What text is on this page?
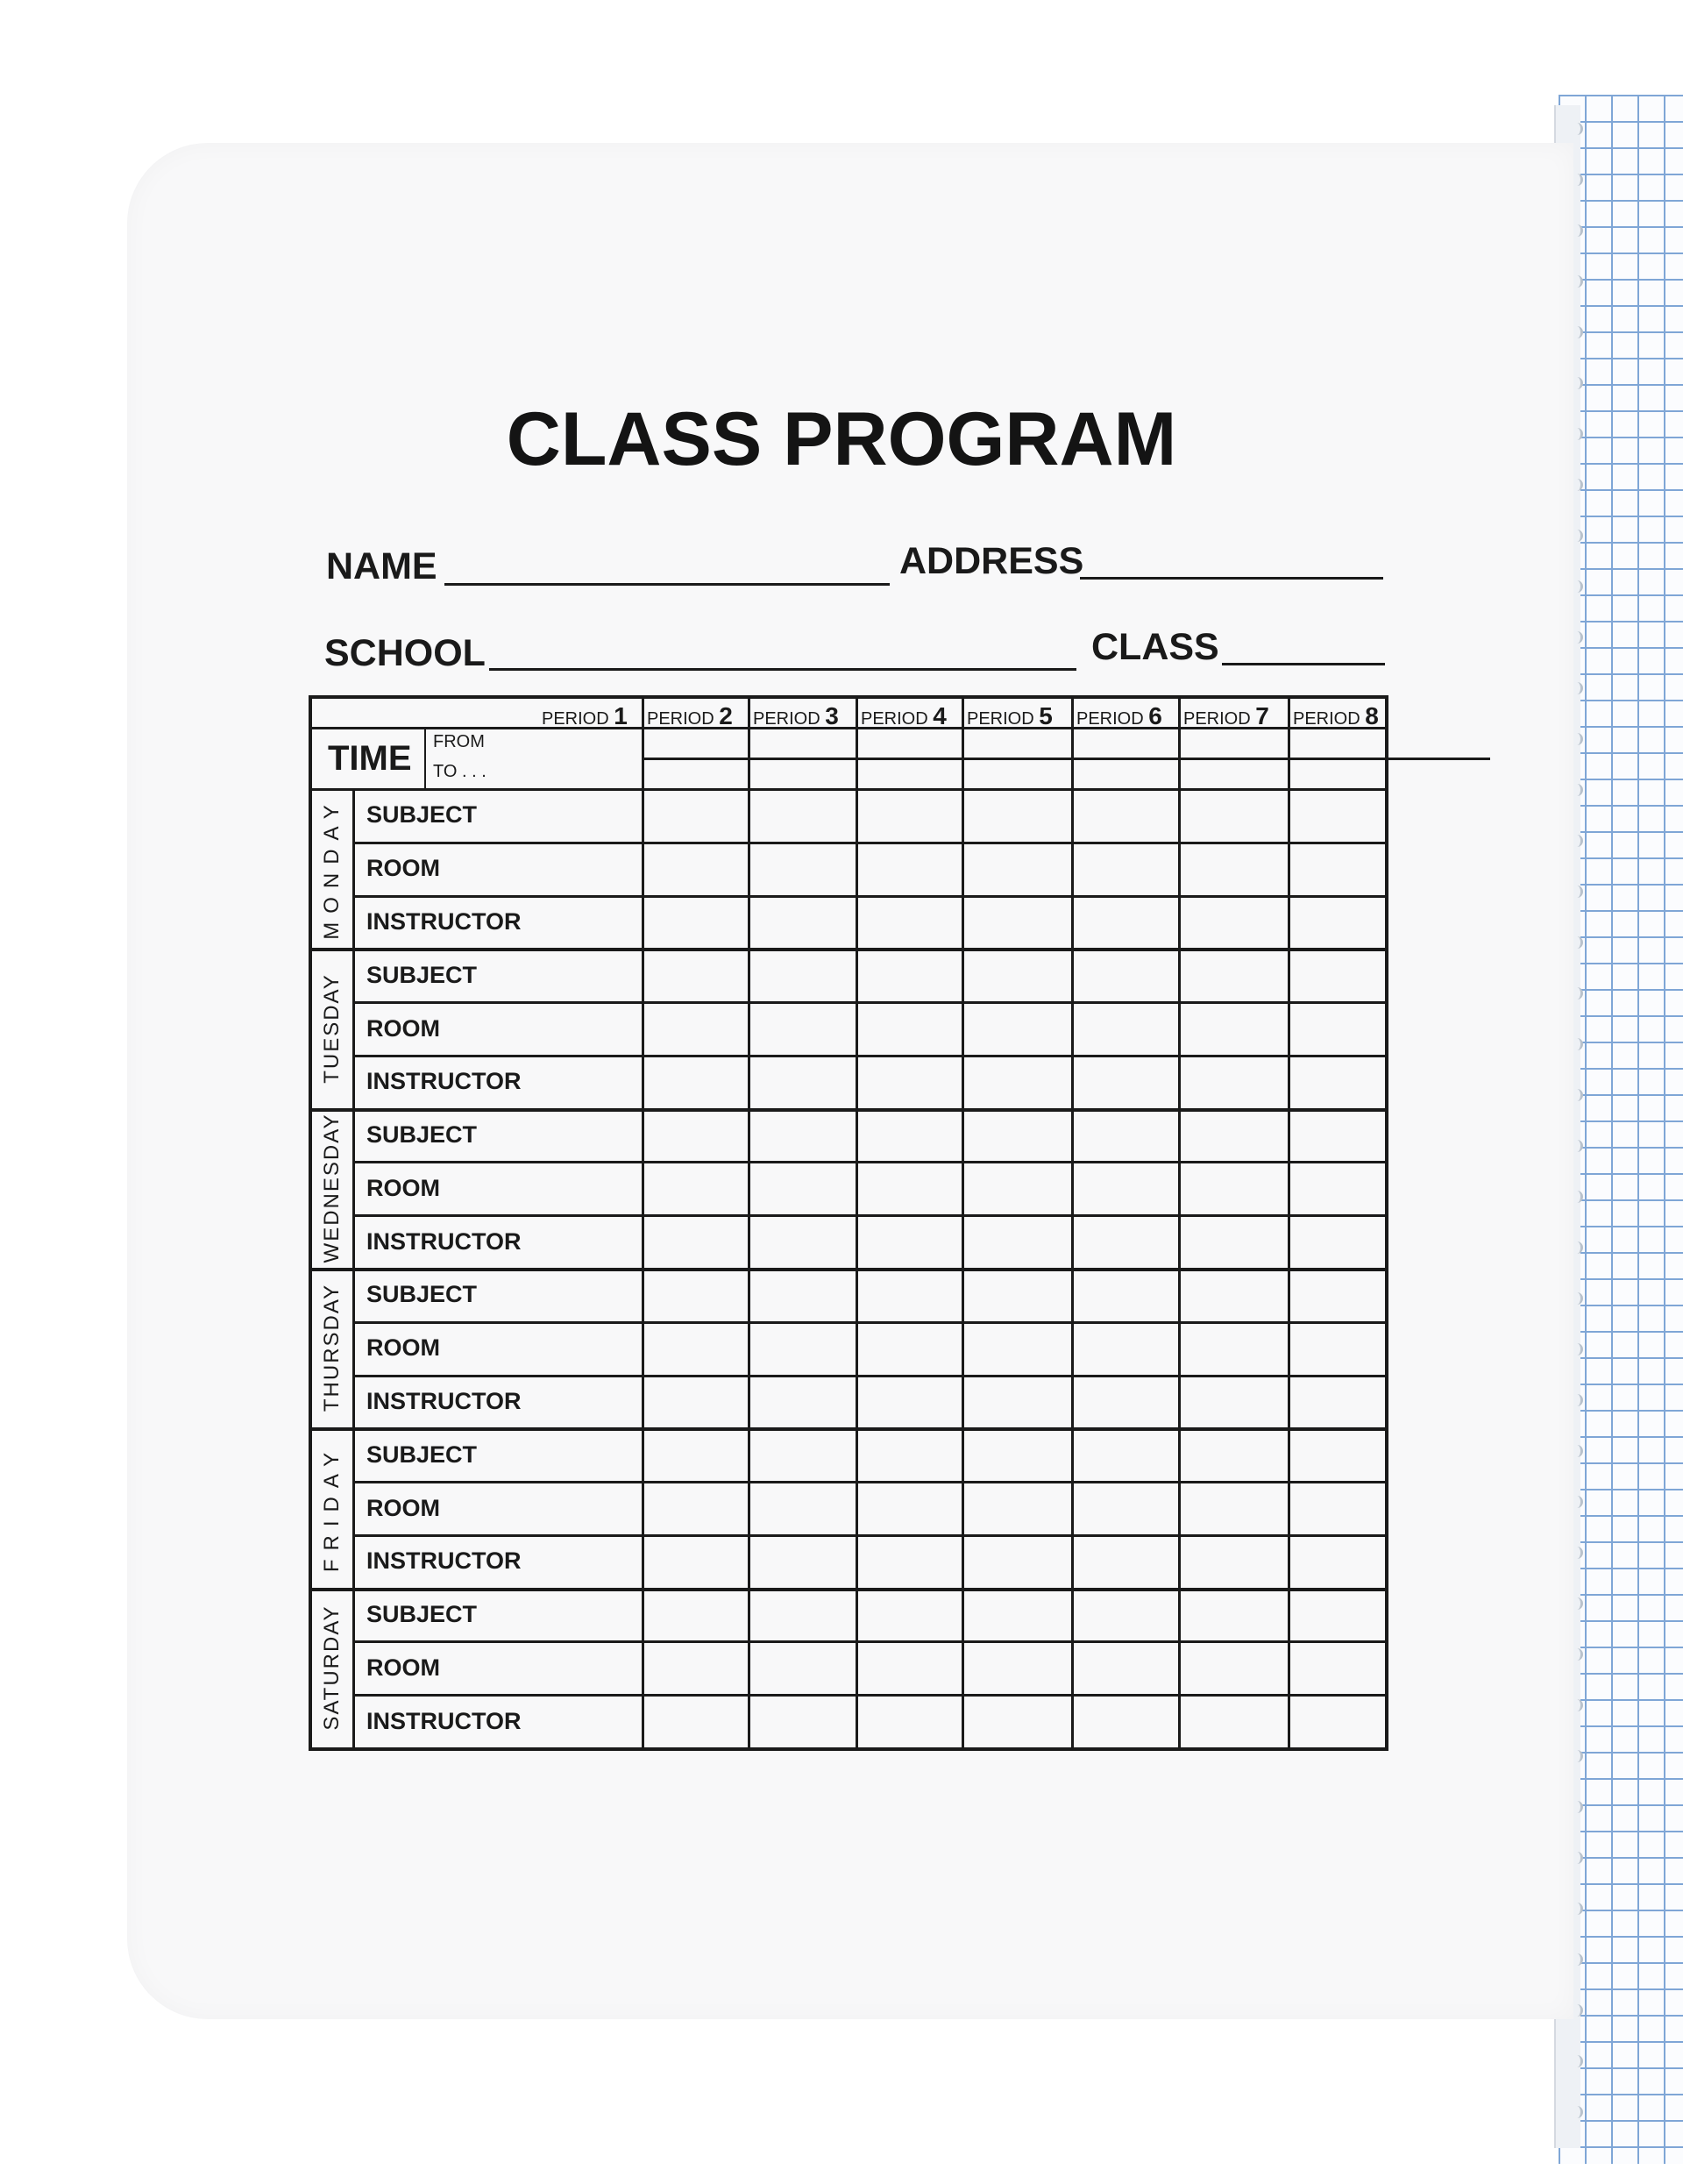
CLASS PROGRAM
NAME	ADDRESS
SCHOOL	CLASS
PERIOD 1 PERIOD 2 PERIOD 3 PERIOD 4 PERIOD 5 PERIOD 6 PERIOD 7 PERIOD 8
TIME FROM
TO . . .
MONDAY SUBJECT
ROOM
INSTRUCTOR
TUESDAY SUBJECT
ROOM
INSTRUCTOR
WEDNESDAY SUBJECT
ROOM
INSTRUCTOR
THURSDAY SUBJECT
ROOM
INSTRUCTOR
FRIDAY SUBJECT
ROOM
INSTRUCTOR
SATURDAY SUBJECT
ROOM
INSTRUCTOR
